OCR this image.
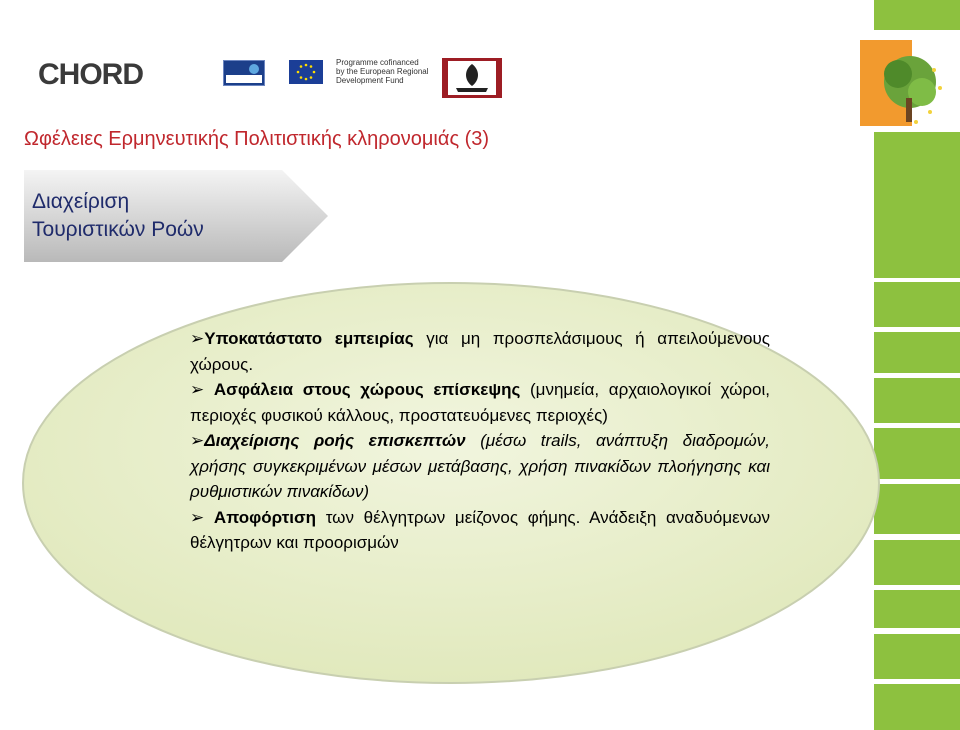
CHORD	Programme cofinanced
by the European Regional
Development Fund
Ωφέλειες Ερμηνευτικής Πολιτιστικής κληρονομιάς (3)
Διαχείριση
Τουριστικών Ροών

➢Υποκατάστατο εμπειρίας για μη προσπελάσιμους ή απειλούμενους χώρους.

➢ Ασφάλεια στους χώρους επίσκεψης (μνημεία, αρχαιολογικοί χώροι, περιοχές φυσικού κάλλους, προστατευόμενες περιοχές)

➢Διαχείρισης ροής επισκεπτών (μέσω trails, ανάπτυξη διαδρομών, χρήσης συγκεκριμένων μέσων μετάβασης, χρήση πινακίδων πλοήγησης και ρυθμιστικών πινακίδων)

➢ Αποφόρτιση των θέλγητρων μείζονος φήμης. Ανάδειξη αναδυόμενων θέλγητρων και προορισμών
